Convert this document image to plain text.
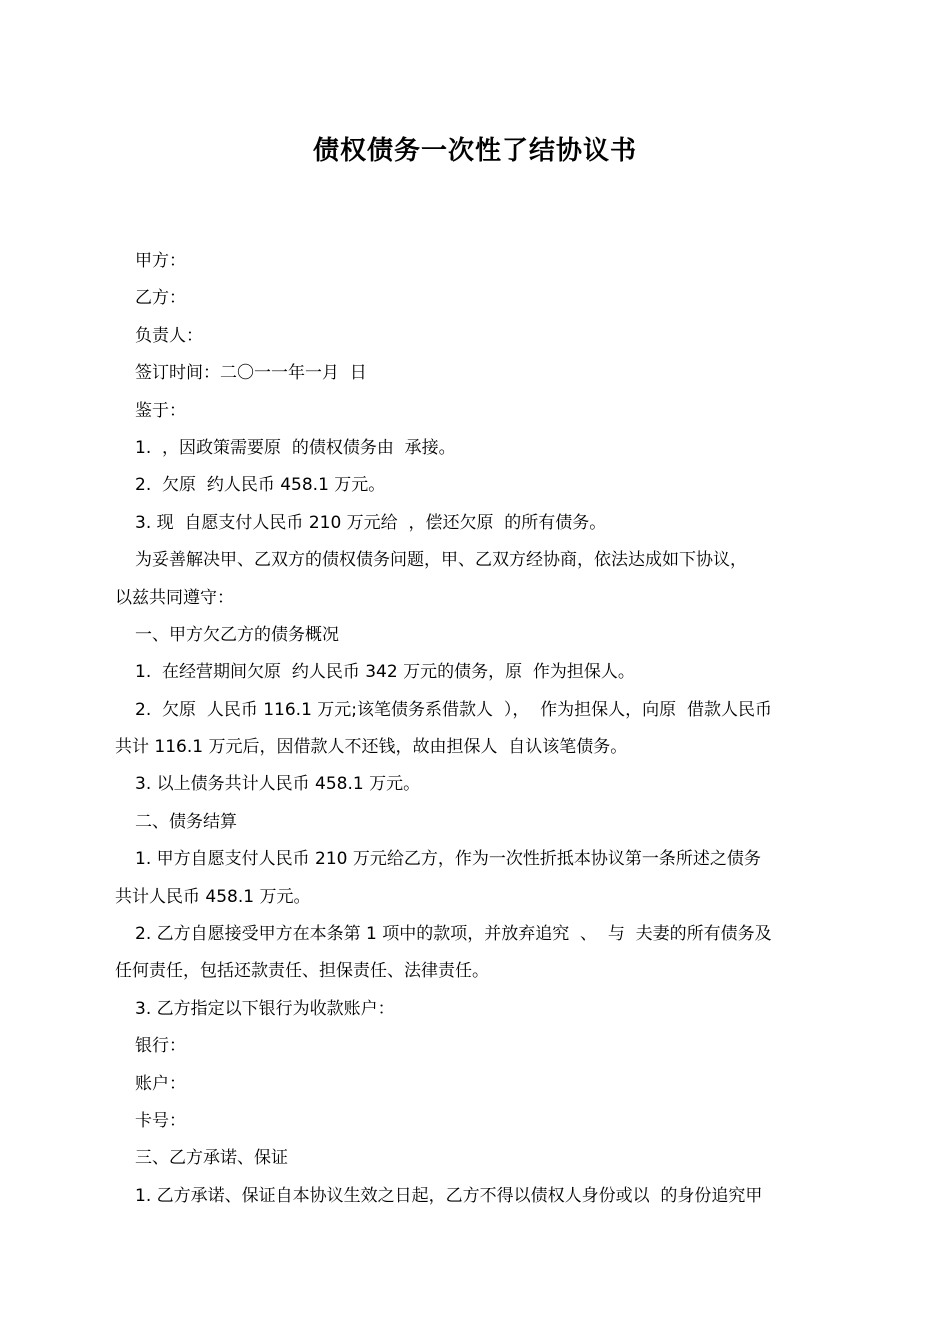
债权债务一次性了结协议书
甲方：
乙方：
负责人：
签订时间：二〇一一年一月  日
鉴于：
1.  ，因政策需要原  的债权债务由  承接。
2.  欠原  约人民币 458.1 万元。
3. 现  自愿支付人民币 210 万元给  ，偿还欠原  的所有债务。
为妥善解决甲、乙双方的债权债务问题，甲、乙双方经协商，依法达成如下协议，
以兹共同遵守：
一、甲方欠乙方的债务概况
1.  在经营期间欠原  约人民币 342 万元的债务，原  作为担保人。
2.  欠原  人民币 116.1 万元;该笔债务系借款人  ），  作为担保人，向原  借款人民币
共计 116.1 万元后，因借款人不还钱，故由担保人  自认该笔债务。
3. 以上债务共计人民币 458.1 万元。
二、债务结算
1. 甲方自愿支付人民币 210 万元给乙方，作为一次性折抵本协议第一条所述之债务
共计人民币 458.1 万元。
2. 乙方自愿接受甲方在本条第 1 项中的款项，并放弃追究  、  与  夫妻的所有债务及
任何责任，包括还款责任、担保责任、法律责任。
3. 乙方指定以下银行为收款账户：
银行：
账户：
卡号：
三、乙方承诺、保证
1. 乙方承诺、保证自本协议生效之日起，乙方不得以债权人身份或以  的身份追究甲
